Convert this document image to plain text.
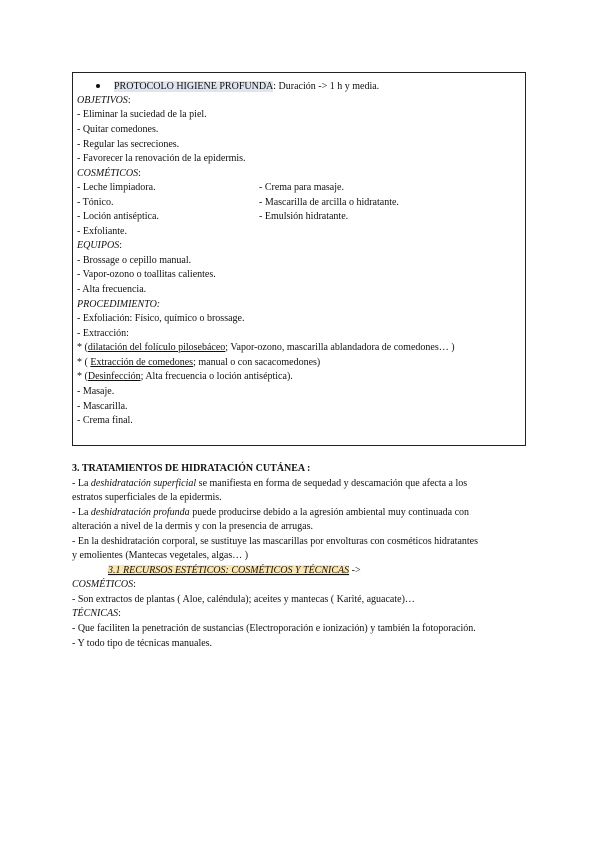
PROTOCOLO HIGIENE PROFUNDA: Duración -> 1 h y media.
OBJETIVOS:
- Eliminar la suciedad de la piel.
- Quitar comedones.
- Regular las secreciones.
- Favorecer la renovación de la epidermis.
COSMÉTICOS:
- Leche limpiadora.
- Tónico.
- Loción antiséptica.
- Exfoliante.
- Crema para masaje.
- Mascarilla de arcilla o hidratante.
- Emulsión hidratante.
EQUIPOS:
- Brossage o cepillo manual.
- Vapor-ozono o toallitas calientes.
- Alta frecuencia.
PROCEDIMIENTO:
- Exfoliación: Físico, químico o brossage.
- Extracción:
* (dilatación del folículo pilosebáceo; Vapor-ozono, mascarilla ablandadora de comedones… )
* ( Extracción de comedones; manual o con sacacomedones)
* (Desinfección; Alta frecuencia o loción antiséptica).
- Masaje.
- Mascarilla.
- Crema final.
3. TRATAMIENTOS DE HIDRATACIÓN CUTÁNEA :
- La deshidratación superficial se manifiesta en forma de sequedad y descamación que afecta a los
estratos superficiales de la epidermis.
- La deshidratación profunda puede producirse debido a la agresión ambiental muy continuada con
alteración a nivel de la dermis y con la presencia de arrugas.
- En la deshidratación corporal, se sustituye las mascarillas por envolturas con cosméticos hidratantes
y emolientes (Mantecas vegetales, algas… )
3.1 RECURSOS ESTÉTICOS: COSMÉTICOS Y TÉCNICAS ->
COSMÉTICOS:
- Son extractos de plantas ( Aloe, caléndula); aceites y mantecas ( Karité, aguacate)…
TÉCNICAS:
- Que faciliten la penetración de sustancias (Electroporación e ionización) y también la fotoporación.
- Y todo tipo de técnicas manuales.
